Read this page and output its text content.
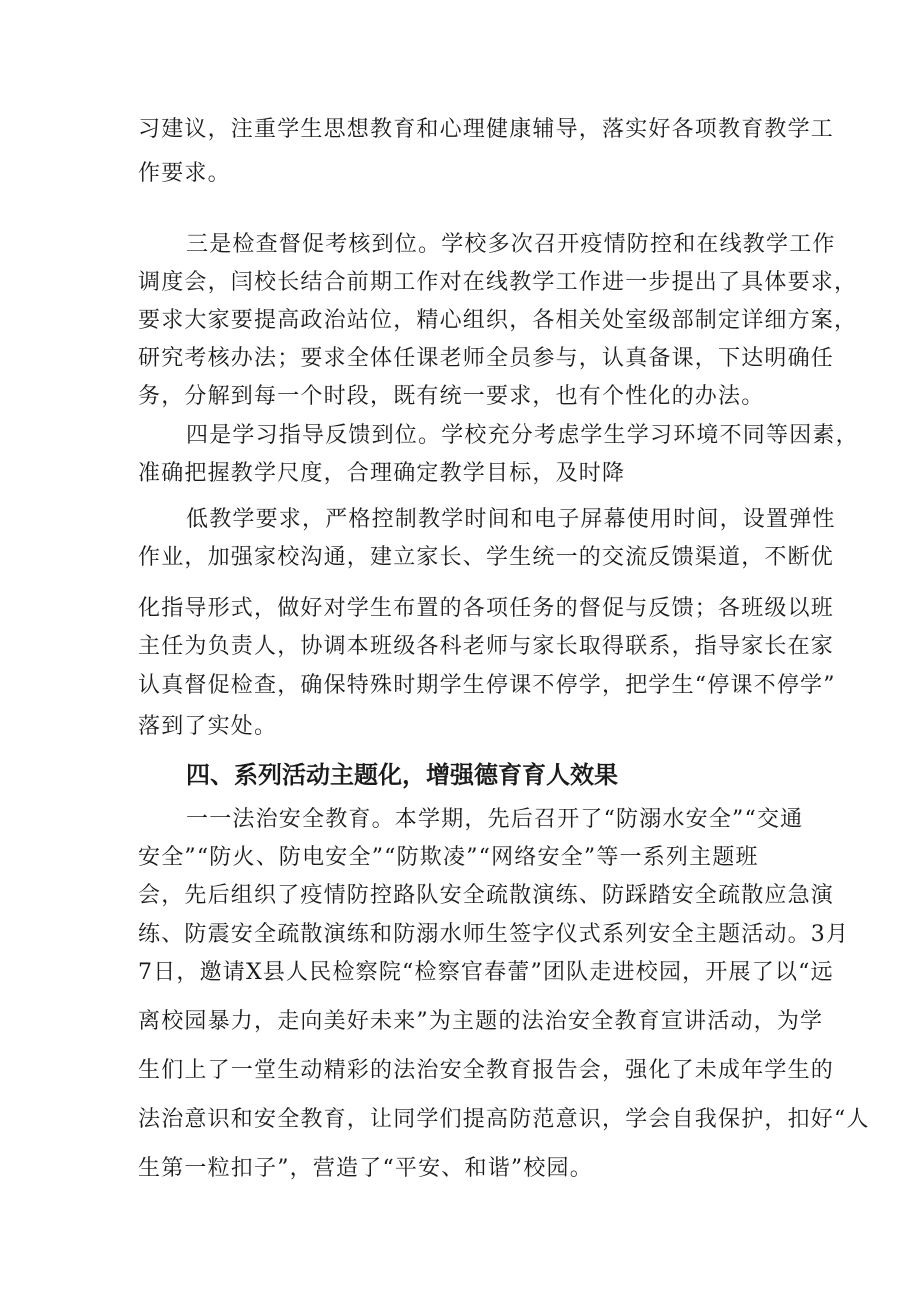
习建议，注重学生思想教育和心理健康辅导，落实好各项教育教学工
作要求。
三是检查督促考核到位。学校多次召开疫情防控和在线教学工作
调度会，闫校长结合前期工作对在线教学工作进一步提出了具体要求，
要求大家要提高政治站位，精心组织，各相关处室级部制定详细方案，
研究考核办法；要求全体任课老师全员参与，认真备课，下达明确任
务，分解到每一个时段，既有统一要求，也有个性化的办法。
四是学习指导反馈到位。学校充分考虑学生学习环境不同等因素，
准确把握教学尺度，合理确定教学目标，及时降
低教学要求，严格控制教学时间和电子屏幕使用时间，设置弹性
作业，加强家校沟通，建立家长、学生统一的交流反馈渠道，不断优
化指导形式，做好对学生布置的各项任务的督促与反馈；各班级以班
主任为负责人，协调本班级各科老师与家长取得联系，指导家长在家
认真督促检查，确保特殊时期学生停课不停学，把学生“停课不停学”
落到了实处。
四、系列活动主题化，增强德育育人效果
一一法治安全教育。本学期，先后召开了“防溺水安全”“交通
安全”“防火、防电安全”“防欺凌”“网络安全”等一系列主题班
会，先后组织了疫情防控路队安全疏散演练、防踩踏安全疏散应急演
练、防震安全疏散演练和防溺水师生签字仪式系列安全主题活动。3月
7日，邀请X县人民检察院“检察官春蕾”团队走进校园，开展了以“远
离校园暴力，走向美好未来”为主题的法治安全教育宣讲活动，为学
生们上了一堂生动精彩的法治安全教育报告会，强化了未成年学生的
法治意识和安全教育，让同学们提高防范意识，学会自我保护，扣好“人
生第一粒扣子”，营造了“平安、和谐”校园。
